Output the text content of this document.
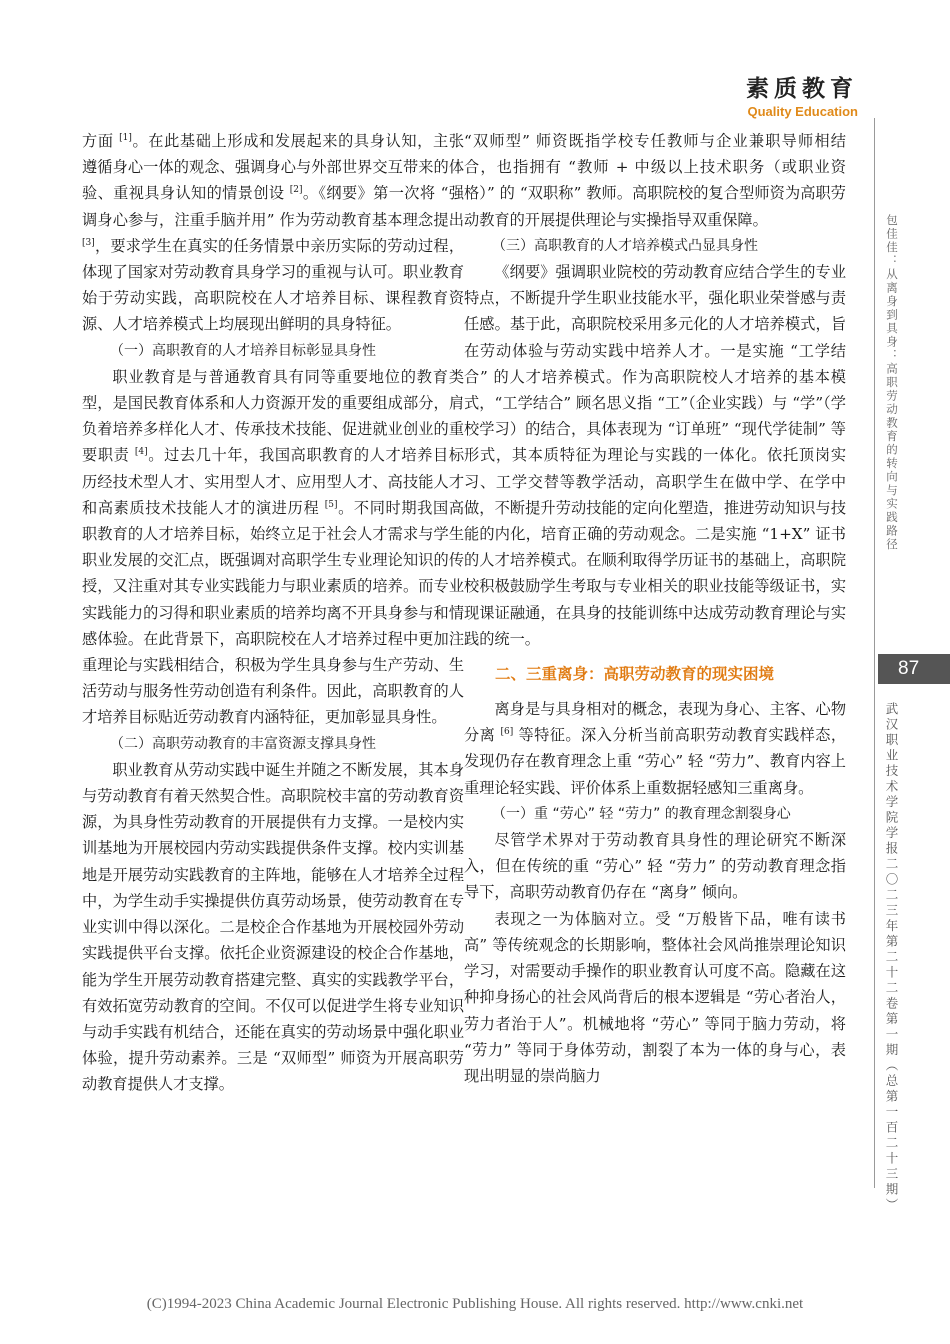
素质教育
Quality Education

方面 [1]。在此基础上形成和发展起来的具身认知，主张遵循身心一体的观念、强调身心与外部世界交互带来的体验、重视具身认知的情景创设 [2]。《纲要》第一次将 “强调身心参与，注重手脑并用” 作为劳动教育基本理念提出 [3]，要求学生在真实的任务情景中亲历实际的劳动过程，体现了国家对劳动教育具身学习的重视与认可。职业教育始于劳动实践，高职院校在人才培养目标、课程教育资源、人才培养模式上均展现出鲜明的具身特征。

（一）高职教育的人才培养目标彰显具身性

职业教育是与普通教育具有同等重要地位的教育类型，是国民教育体系和人力资源开发的重要组成部分，肩负着培养多样化人才、传承技术技能、促进就业创业的重要职责 [4]。过去几十年，我国高职教育的人才培养目标历经技术型人才、实用型人才、应用型人才、高技能人才和高素质技术技能人才的演进历程 [5]。不同时期我国高职教育的人才培养目标，始终立足于社会人才需求与学生职业发展的交汇点，既强调对高职学生专业理论知识的传授，又注重对其专业实践能力与职业素质的培养。而专业实践能力的习得和职业素质的培养均离不开具身参与和情感体验。在此背景下，高职院校在人才培养过程中更加注重理论与实践相结合，积极为学生具身参与生产劳动、生活劳动与服务性劳动创造有利条件。因此，高职教育的人才培养目标贴近劳动教育内涵特征，更加彰显具身性。

（二）高职劳动教育的丰富资源支撑具身性

职业教育从劳动实践中诞生并随之不断发展，其本身与劳动教育有着天然契合性。高职院校丰富的劳动教育资源，为具身性劳动教育的开展提供有力支撑。一是校内实训基地为开展校园内劳动实践提供条件支撑。校内实训基地是开展劳动实践教育的主阵地，能够在人才培养全过程中，为学生动手实操提供仿真劳动场景，使劳动教育在专业实训中得以深化。二是校企合作基地为开展校园外劳动实践提供平台支撑。依托企业资源建设的校企合作基地，能为学生开展劳动教育搭建完整、真实的实践教学平台，有效拓宽劳动教育的空间。不仅可以促进学生将专业知识与动手实践有机结合，还能在真实的劳动场景中强化职业体验，提升劳动素养。三是 “双师型” 师资为开展高职劳动教育提供人才支撑。

“双师型” 师资既指学校专任教师与企业兼职导师相结合，也指拥有 “教师 + 中级以上技术职务（或职业资格）” 的 “双职称” 教师。高职院校的复合型师资为高职劳动教育的开展提供理论与实操指导双重保障。

（三）高职教育的人才培养模式凸显具身性

《纲要》强调职业院校的劳动教育应结合学生的专业特点，不断提升学生职业技能水平，强化职业荣誉感与责任感。基于此，高职院校采用多元化的人才培养模式，旨在劳动体验与劳动实践中培养人才。一是实施 “工学结合” 的人才培养模式。作为高职院校人才培养的基本模式，“工学结合” 顾名思义指 “工”（企业实践）与 “学”（学校学习）的结合，具体表现为 “订单班” “现代学徒制” 等形式，其本质特征为理论与实践的一体化。依托顶岗实习、工学交替等教学活动，高职学生在做中学、在学中做，不断提升劳动技能的定向化塑造，推进劳动知识与技能的内化，培育正确的劳动观念。二是实施 “1+X” 证书的人才培养模式。在顺利取得学历证书的基础上，高职院校积极鼓励学生考取与专业相关的职业技能等级证书，实现课证融通，在具身的技能训练中达成劳动教育理论与实践的统一。

二、三重离身：高职劳动教育的现实困境

离身是与具身相对的概念，表现为身心、主客、心物分离 [6] 等特征。深入分析当前高职劳动教育实践样态，发现仍存在教育理念上重 “劳心” 轻 “劳力”、教育内容上重理论轻实践、评价体系上重数据轻感知三重离身。

（一）重 “劳心” 轻 “劳力” 的教育理念割裂身心

尽管学术界对于劳动教育具身性的理论研究不断深入，但在传统的重 “劳心” 轻 “劳力” 的劳动教育理念指导下，高职劳动教育仍存在 “离身” 倾向。

表现之一为体脑对立。受 “万般皆下品，唯有读书高” 等传统观念的长期影响，整体社会风尚推崇理论知识学习，对需要动手操作的职业教育认可度不高。隐藏在这种抑身扬心的社会风尚背后的根本逻辑是 “劳心者治人，劳力者治于人”。机械地将 “劳心” 等同于脑力劳动，将 “劳力” 等同于身体劳动，割裂了本为一体的身与心，表现出明显的崇尚脑力

包佳佳：从离身到具身：高职劳动教育的转向与实践路径
87
武汉职业技术学院学报二〇二三年第二十二卷第一期（总第一百二十三期）
(C)1994-2023 China Academic Journal Electronic Publishing House. All rights reserved. http://www.cnki.net
